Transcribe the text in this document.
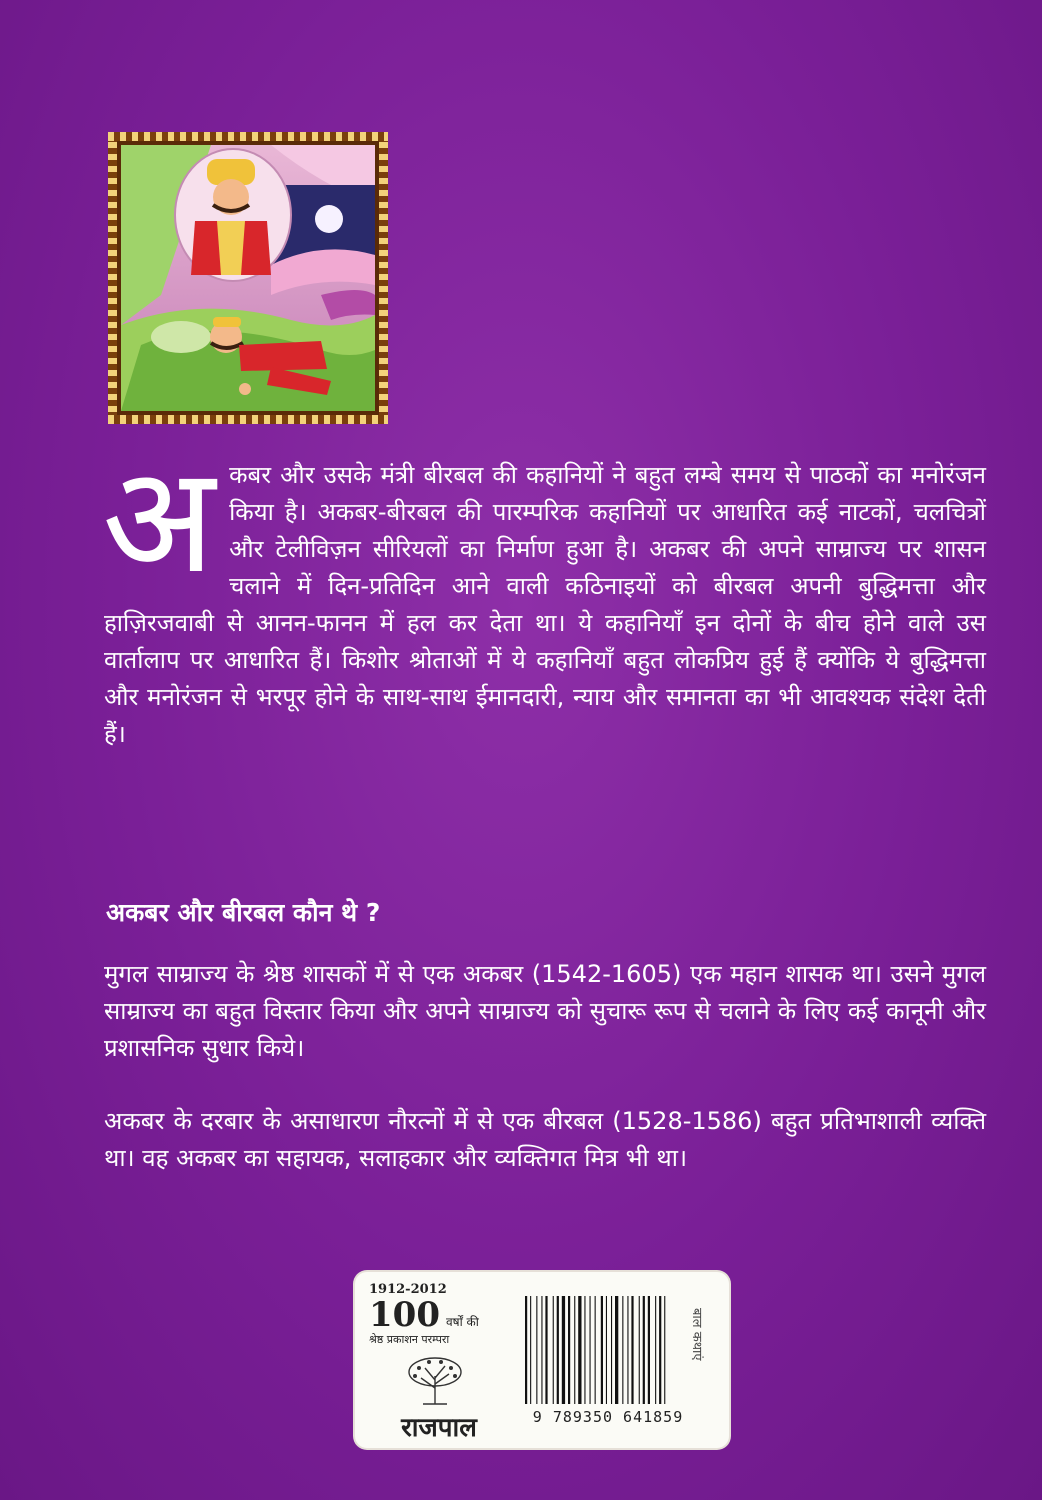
अकबर और उसके मंत्री बीरबल की कहानियों ने बहुत लम्बे समय से पाठकों का मनोरंजन किया है। अकबर-बीरबल की पारम्परिक कहानियों पर आधारित कई नाटकों, चलचित्रों और टेलीविज़न सीरियलों का निर्माण हुआ है। अकबर की अपने साम्राज्य पर शासन चलाने में दिन-प्रतिदिन आने वाली कठिनाइयों को बीरबल अपनी बुद्धिमत्ता और हाज़िरजवाबी से आनन-फानन में हल कर देता था। ये कहानियाँ इन दोनों के बीच होने वाले उस वार्तालाप पर आधारित हैं। किशोर श्रोताओं में ये कहानियाँ बहुत लोकप्रिय हुई हैं क्योंकि ये बुद्धिमत्ता और मनोरंजन से भरपूर होने के साथ-साथ ईमानदारी, न्याय और समानता का भी आवश्यक संदेश देती हैं।
अकबर और बीरबल कौन थे ?
मुगल साम्राज्य के श्रेष्ठ शासकों में से एक अकबर (1542-1605) एक महान शासक था। उसने मुगल साम्राज्य का बहुत विस्तार किया और अपने साम्राज्य को सुचारू रूप से चलाने के लिए कई कानूनी और प्रशासनिक सुधार किये।
अकबर के दरबार के असाधारण नौरत्नों में से एक बीरबल (1528-1586) बहुत प्रतिभाशाली व्यक्ति था। वह अकबर का सहायक, सलाहकार और व्यक्तिगत मित्र भी था।
1912-2012
100 वर्षों की
श्रेष्ठ प्रकाशन परम्परा
राजपाल	9 789350 641859
बाल कथाएं
